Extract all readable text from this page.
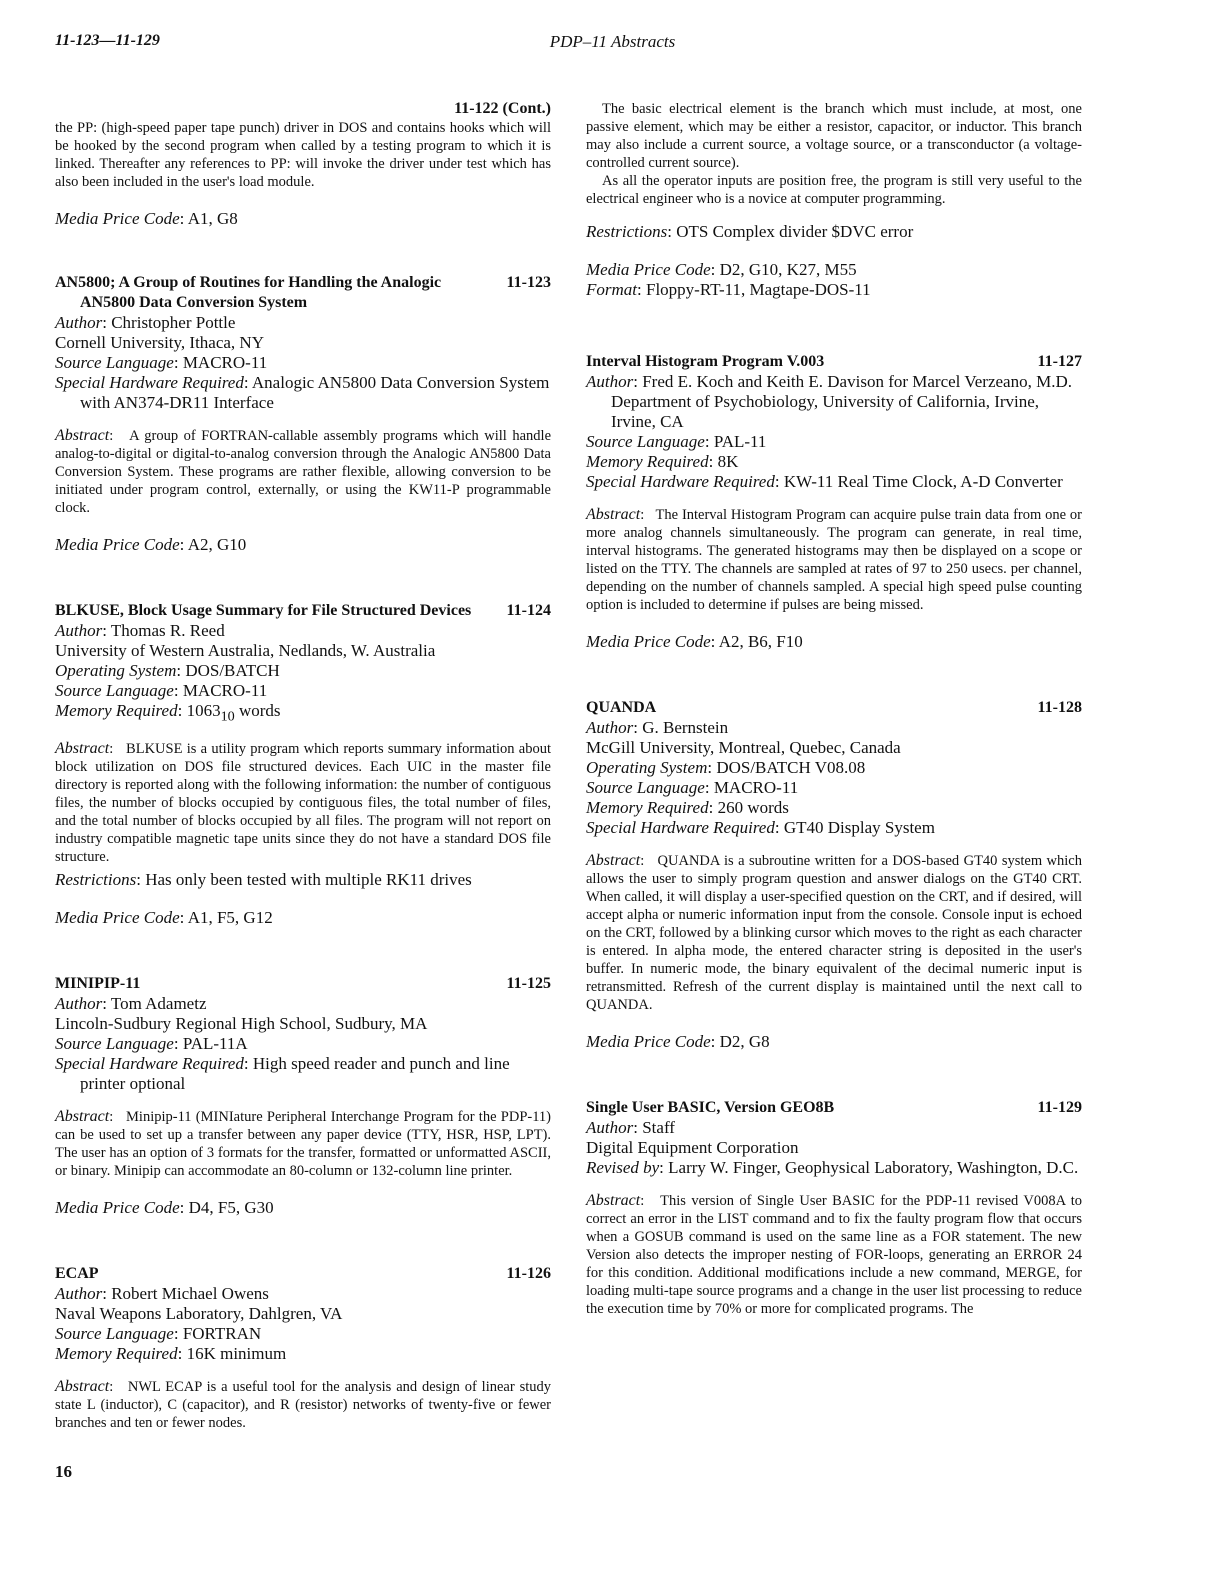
11-123—11-129	PDP–11 Abstracts
11-122 (Cont.)
the PP: (high-speed paper tape punch) driver in DOS and contains hooks which will be hooked by the second program when called by a testing program to which it is linked. Thereafter any references to PP: will invoke the driver under test which has also been included in the user's load module.
Media Price Code: A1, G8
AN5800; A Group of Routines for Handling the Analogic AN5800 Data Conversion System
11-123
Author: Christopher Pottle
Cornell University, Ithaca, NY
Source Language: MACRO-11
Special Hardware Required: Analogic AN5800 Data Conversion System with AN374-DR11 Interface
Abstract:   A group of FORTRAN-callable assembly programs which will handle analog-to-digital or digital-to-analog conversion through the Analogic AN5800 Data Conversion System. These programs are rather flexible, allowing conversion to be initiated under program control, externally, or using the KW11-P programmable clock.
Media Price Code: A2, G10
BLKUSE, Block Usage Summary for File Structured Devices	11-124
Author: Thomas R. Reed
University of Western Australia, Nedlands, W. Australia
Operating System: DOS/BATCH
Source Language: MACRO-11
Memory Required: $1063_{10}$ words
Abstract:   BLKUSE is a utility program which reports summary information about block utilization on DOS file structured devices. Each UIC in the master file directory is reported along with the following information: the number of contiguous files, the number of blocks occupied by contiguous files, the total number of files, and the total number of blocks occupied by all files. The program will not report on industry compatible magnetic tape units since they do not have a standard DOS file structure.
Restrictions: Has only been tested with multiple RK11 drives
Media Price Code: A1, F5, G12
MINIPIP-11	11-125
Author: Tom Adametz
Lincoln-Sudbury Regional High School, Sudbury, MA
Source Language: PAL-11A
Special Hardware Required: High speed reader and punch and line printer optional
Abstract:   Minipip-11 (MINIature Peripheral Interchange Program for the PDP-11) can be used to set up a transfer between any paper device (TTY, HSR, HSP, LPT). The user has an option of 3 formats for the transfer, formatted or unformatted ASCII, or binary. Minipip can accommodate an 80-column or 132-column line printer.
Media Price Code: D4, F5, G30
ECAP	11-126
Author: Robert Michael Owens
Naval Weapons Laboratory, Dahlgren, VA
Source Language: FORTRAN
Memory Required: 16K minimum
Abstract:   NWL ECAP is a useful tool for the analysis and design of linear study state L (inductor), C (capacitor), and R (resistor) networks of twenty-five or fewer branches and ten or fewer nodes.
16
The basic electrical element is the branch which must include, at most, one passive element, which may be either a resistor, capacitor, or inductor. This branch may also include a current source, a voltage source, or a transconductor (a voltage-controlled current source).
As all the operator inputs are position free, the program is still very useful to the electrical engineer who is a novice at computer programming.
Restrictions: OTS Complex divider $DVC error
Media Price Code: D2, G10, K27, M55
Format: Floppy-RT-11, Magtape-DOS-11
Interval Histogram Program V.003	11-127
Author: Fred E. Koch and Keith E. Davison for Marcel Verzeano, M.D.
Department of Psychobiology, University of California, Irvine, Irvine, CA
Source Language: PAL-11
Memory Required: 8K
Special Hardware Required: KW-11 Real Time Clock, A-D Converter
Abstract:   The Interval Histogram Program can acquire pulse train data from one or more analog channels simultaneously. The program can generate, in real time, interval histograms. The generated histograms may then be displayed on a scope or listed on the TTY. The channels are sampled at rates of 97 to 250 usecs. per channel, depending on the number of channels sampled. A special high speed pulse counting option is included to determine if pulses are being missed.
Media Price Code: A2, B6, F10
QUANDA	11-128
Author: G. Bernstein
McGill University, Montreal, Quebec, Canada
Operating System: DOS/BATCH V08.08
Source Language: MACRO-11
Memory Required: 260 words
Special Hardware Required: GT40 Display System
Abstract:   QUANDA is a subroutine written for a DOS-based GT40 system which allows the user to simply program question and answer dialogs on the GT40 CRT. When called, it will display a user-specified question on the CRT, and if desired, will accept alpha or numeric information input from the console. Console input is echoed on the CRT, followed by a blinking cursor which moves to the right as each character is entered. In alpha mode, the entered character string is deposited in the user's buffer. In numeric mode, the binary equivalent of the decimal numeric input is retransmitted. Refresh of the current display is maintained until the next call to QUANDA.
Media Price Code: D2, G8
Single User BASIC, Version GEO8B	11-129
Author: Staff
Digital Equipment Corporation
Revised by: Larry W. Finger, Geophysical Laboratory, Washington, D.C.
Abstract:   This version of Single User BASIC for the PDP-11 revised V008A to correct an error in the LIST command and to fix the faulty program flow that occurs when a GOSUB command is used on the same line as a FOR statement. The new Version also detects the improper nesting of FOR-loops, generating an ERROR 24 for this condition. Additional modifications include a new command, MERGE, for loading multi-tape source programs and a change in the user list processing to reduce the execution time by 70% or more for complicated programs. The
